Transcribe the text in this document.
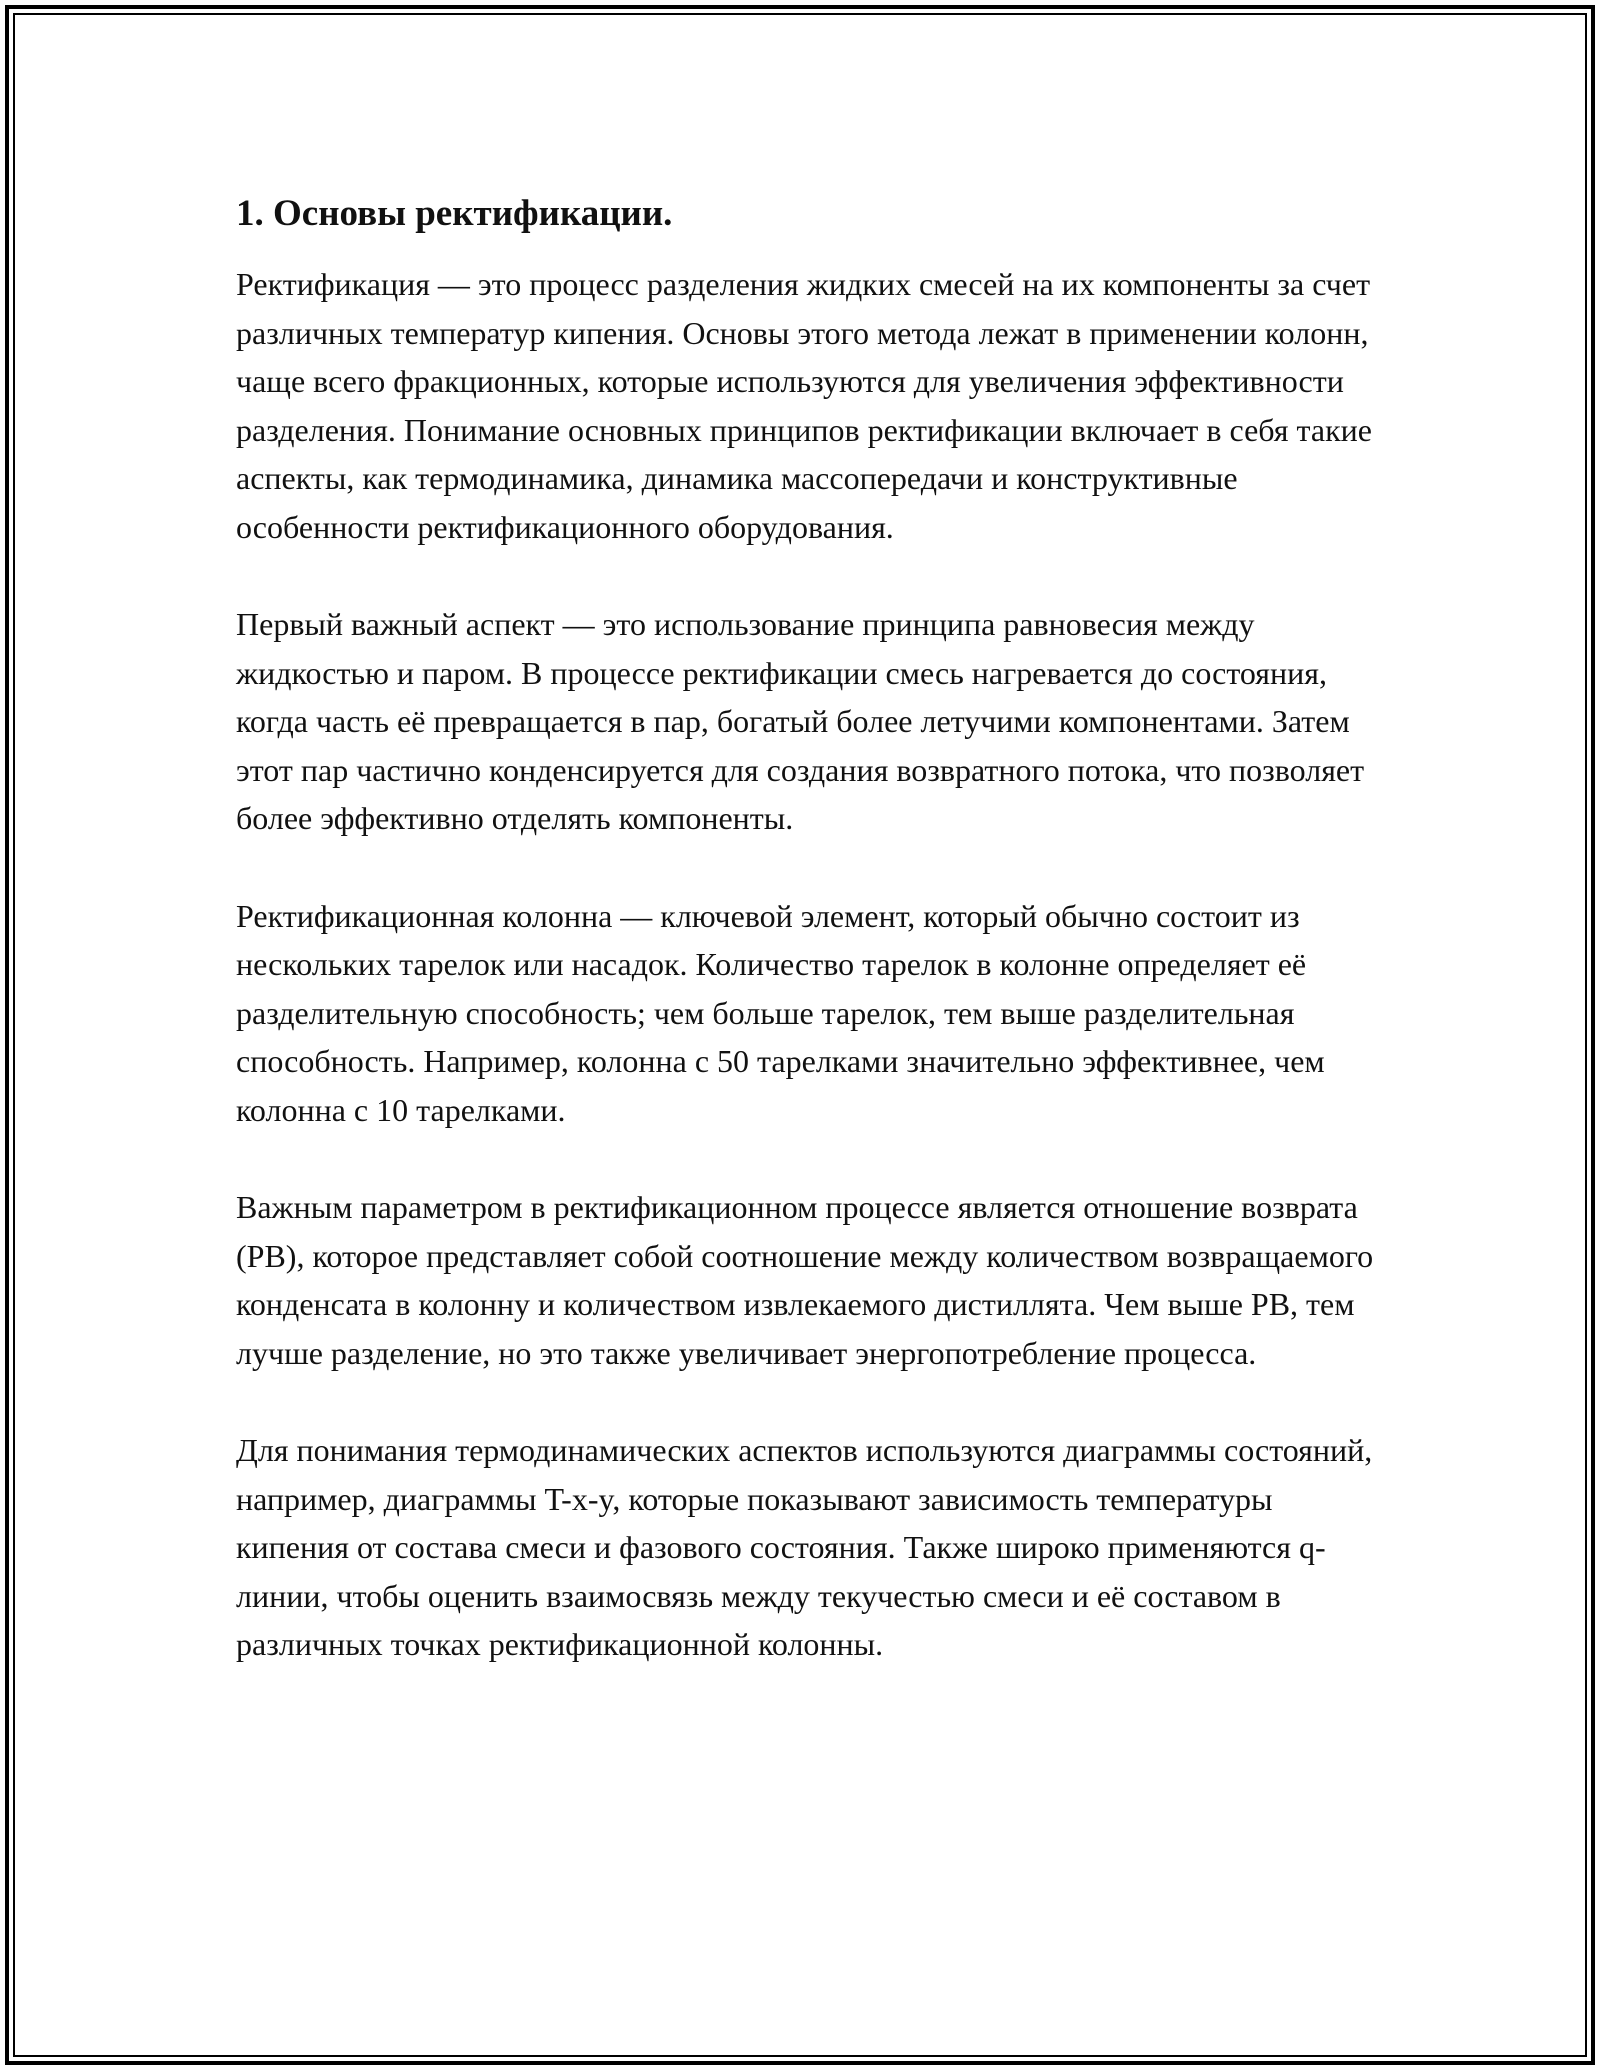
1. Основы ректификации.

Ректификация — это процесс разделения жидких смесей на их компоненты за счет различных температур кипения. Основы этого метода лежат в применении колонн, чаще всего фракционных, которые используются для увеличения эффективности разделения. Понимание основных принципов ректификации включает в себя такие аспекты, как термодинамика, динамика массопередачи и конструктивные особенности ректификационного оборудования.

Первый важный аспект — это использование принципа равновесия между жидкостью и паром. В процессе ректификации смесь нагревается до состояния, когда часть её превращается в пар, богатый более летучими компонентами. Затем этот пар частично конденсируется для создания возвратного потока, что позволяет более эффективно отделять компоненты.

Ректификационная колонна — ключевой элемент, который обычно состоит из нескольких тарелок или насадок. Количество тарелок в колонне определяет её разделительную способность; чем больше тарелок, тем выше разделительная способность. Например, колонна с 50 тарелками значительно эффективнее, чем колонна с 10 тарелками.

Важным параметром в ректификационном процессе является отношение возврата (РВ), которое представляет собой соотношение между количеством возвращаемого конденсата в колонну и количеством извлекаемого дистиллята. Чем выше РВ, тем лучше разделение, но это также увеличивает энергопотребление процесса.

Для понимания термодинамических аспектов используются диаграммы состояний, например, диаграммы T-x-y, которые показывают зависимость температуры кипения от состава смеси и фазового состояния. Также широко применяются q-линии, чтобы оценить взаимосвязь между текучестью смеси и её составом в различных точках ректификационной колонны.
